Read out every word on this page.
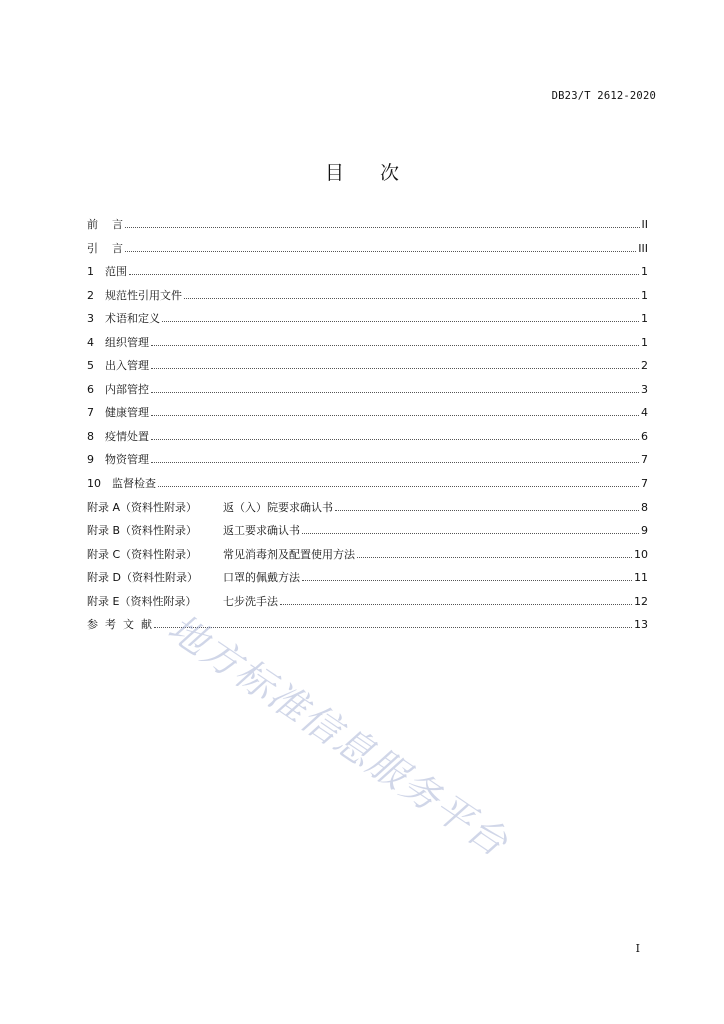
DB23/T 2612-2020
目 次
前    言	II
引    言	III
1	范围	1
2	规范性引用文件	1
3	术语和定义	1
4	组织管理	1
5	出入管理	2
6	内部管控	3
7	健康管理	4
8	疫情处置	6
9	物资管理	7
10	监督检查	7
附录 A（资料性附录）	返（入）院要求确认书	8
附录 B（资料性附录）	返工要求确认书	9
附录 C（资料性附录）	常见消毒剂及配置使用方法	10
附录 D（资料性附录）	口罩的佩戴方法	11
附录 E（资料性附录）	七步洗手法	12
参  考  文  献	13
地方标准信息服务平台
I
